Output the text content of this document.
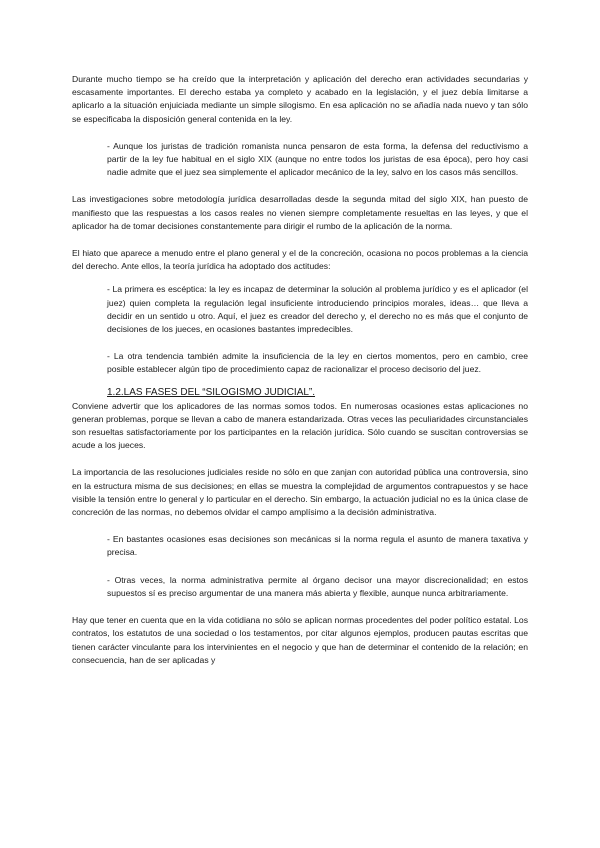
Durante mucho tiempo se ha creído que la interpretación y aplicación del derecho eran actividades secundarias y escasamente importantes. El derecho estaba ya completo y acabado en la legislación, y el juez debía limitarse a aplicarlo a la situación enjuiciada mediante un simple silogismo. En esa aplicación no se añadía nada nuevo y tan sólo se especificaba la disposición general contenida en la ley.

- Aunque los juristas de tradición romanista nunca pensaron de esta forma, la defensa del reductivismo a partir de la ley fue habitual en el siglo XIX (aunque no entre todos los juristas de esa época), pero hoy casi nadie admite que el juez sea simplemente el aplicador mecánico de la ley, salvo en los casos más sencillos.

Las investigaciones sobre metodología jurídica desarrolladas desde la segunda mitad del siglo XIX, han puesto de manifiesto que las respuestas a los casos reales no vienen siempre completamente resueltas en las leyes, y que el aplicador ha de tomar decisiones constantemente para dirigir el rumbo de la aplicación de la norma.

El hiato que aparece a menudo entre el plano general y el de la concreción, ocasiona no pocos problemas a la ciencia del derecho. Ante ellos, la teoría jurídica ha adoptado dos actitudes:

- La primera es escéptica: la ley es incapaz de determinar la solución al problema jurídico y es el aplicador (el juez) quien completa la regulación legal insuficiente introduciendo principios morales, ideas… que lleva a decidir en un sentido u otro. Aquí, el juez es creador del derecho y, el derecho no es más que el conjunto de decisiones de los jueces, en ocasiones bastantes impredecibles.

- La otra tendencia también admite la insuficiencia de la ley en ciertos momentos, pero en cambio, cree posible establecer algún tipo de procedimiento capaz de racionalizar el proceso decisorio del juez.

1.2.LAS FASES DEL “SILOGISMO JUDICIAL”.

Conviene advertir que los aplicadores de las normas somos todos. En numerosas ocasiones estas aplicaciones no generan problemas, porque se llevan a cabo de manera estandarizada. Otras veces las peculiaridades circunstanciales son resueltas satisfactoriamente por los participantes en la relación jurídica. Sólo cuando se suscitan controversias se acude a los jueces.

La importancia de las resoluciones judiciales reside no sólo en que zanjan con autoridad pública una controversia, sino en la estructura misma de sus decisiones; en ellas se muestra la complejidad de argumentos contrapuestos y se hace visible la tensión entre lo general y lo particular en el derecho. Sin embargo, la actuación judicial no es la única clase de concreción de las normas, no debemos olvidar el campo amplísimo a la decisión administrativa.

- En bastantes ocasiones esas decisiones son mecánicas si la norma regula el asunto de manera taxativa y precisa.

- Otras veces, la norma administrativa permite al órgano decisor una mayor discrecionalidad; en estos supuestos sí es preciso argumentar de una manera más abierta y flexible, aunque nunca arbitrariamente.

Hay que tener en cuenta que en la vida cotidiana no sólo se aplican normas procedentes del poder político estatal. Los contratos, los estatutos de una sociedad o los testamentos, por citar algunos ejemplos, producen pautas escritas que tienen carácter vinculante para los intervinientes en el negocio y que han de determinar el contenido de la relación; en consecuencia, han de ser aplicadas y
